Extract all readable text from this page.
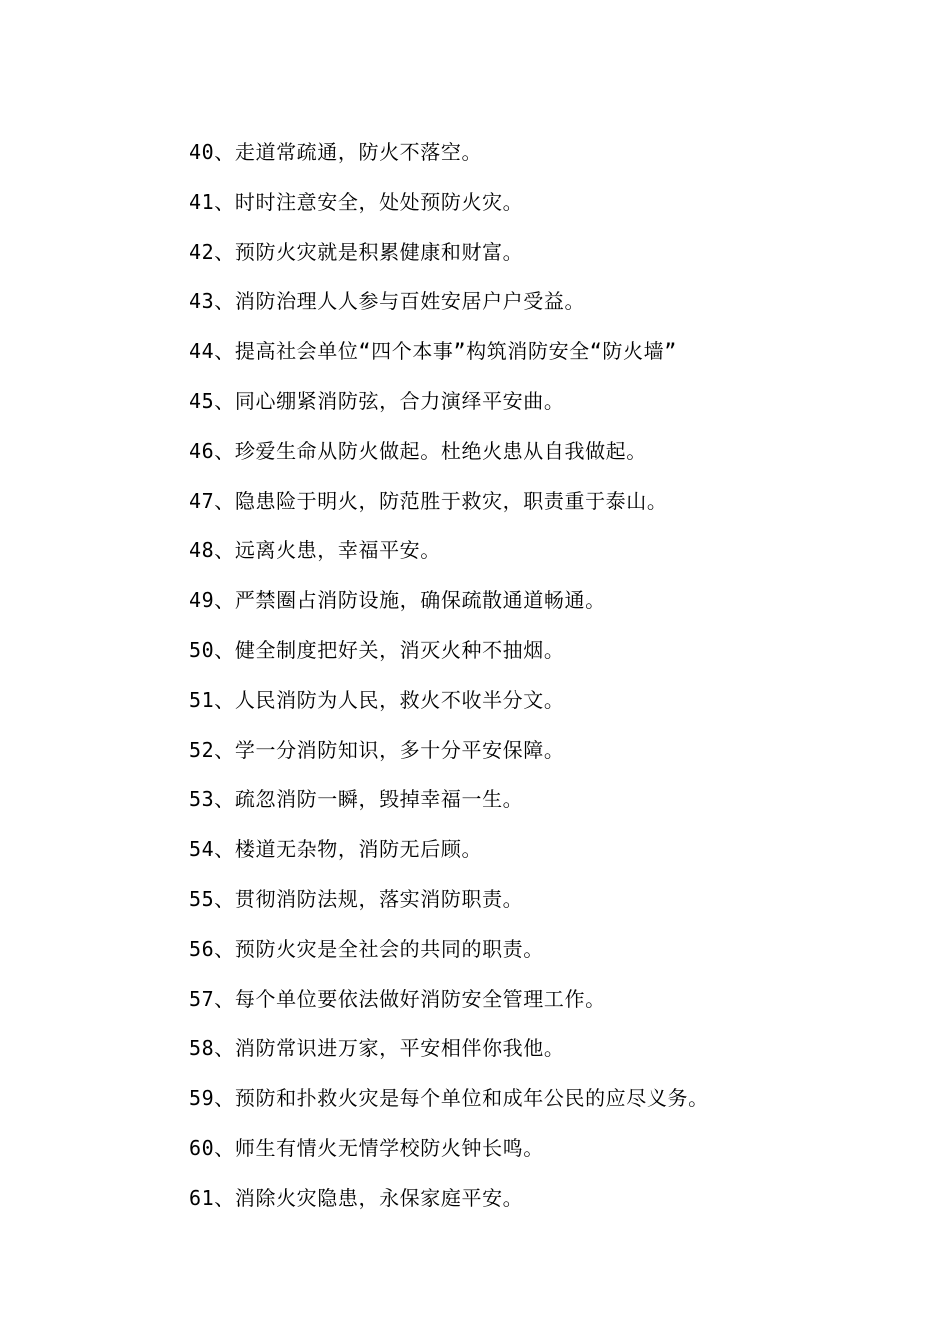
40、走道常疏通，防火不落空。
41、时时注意安全，处处预防火灾。
42、预防火灾就是积累健康和财富。
43、消防治理人人参与百姓安居户户受益。
44、提高社会单位“四个本事”构筑消防安全“防火墙”
45、同心绷紧消防弦，合力演绎平安曲。
46、珍爱生命从防火做起。杜绝火患从自我做起。
47、隐患险于明火，防范胜于救灾，职责重于泰山。
48、远离火患，幸福平安。
49、严禁圈占消防设施，确保疏散通道畅通。
50、健全制度把好关，消灭火种不抽烟。
51、人民消防为人民，救火不收半分文。
52、学一分消防知识，多十分平安保障。
53、疏忽消防一瞬，毁掉幸福一生。
54、楼道无杂物，消防无后顾。
55、贯彻消防法规，落实消防职责。
56、预防火灾是全社会的共同的职责。
57、每个单位要依法做好消防安全管理工作。
58、消防常识进万家，平安相伴你我他。
59、预防和扑救火灾是每个单位和成年公民的应尽义务。
60、师生有情火无情学校防火钟长鸣。
61、消除火灾隐患，永保家庭平安。
